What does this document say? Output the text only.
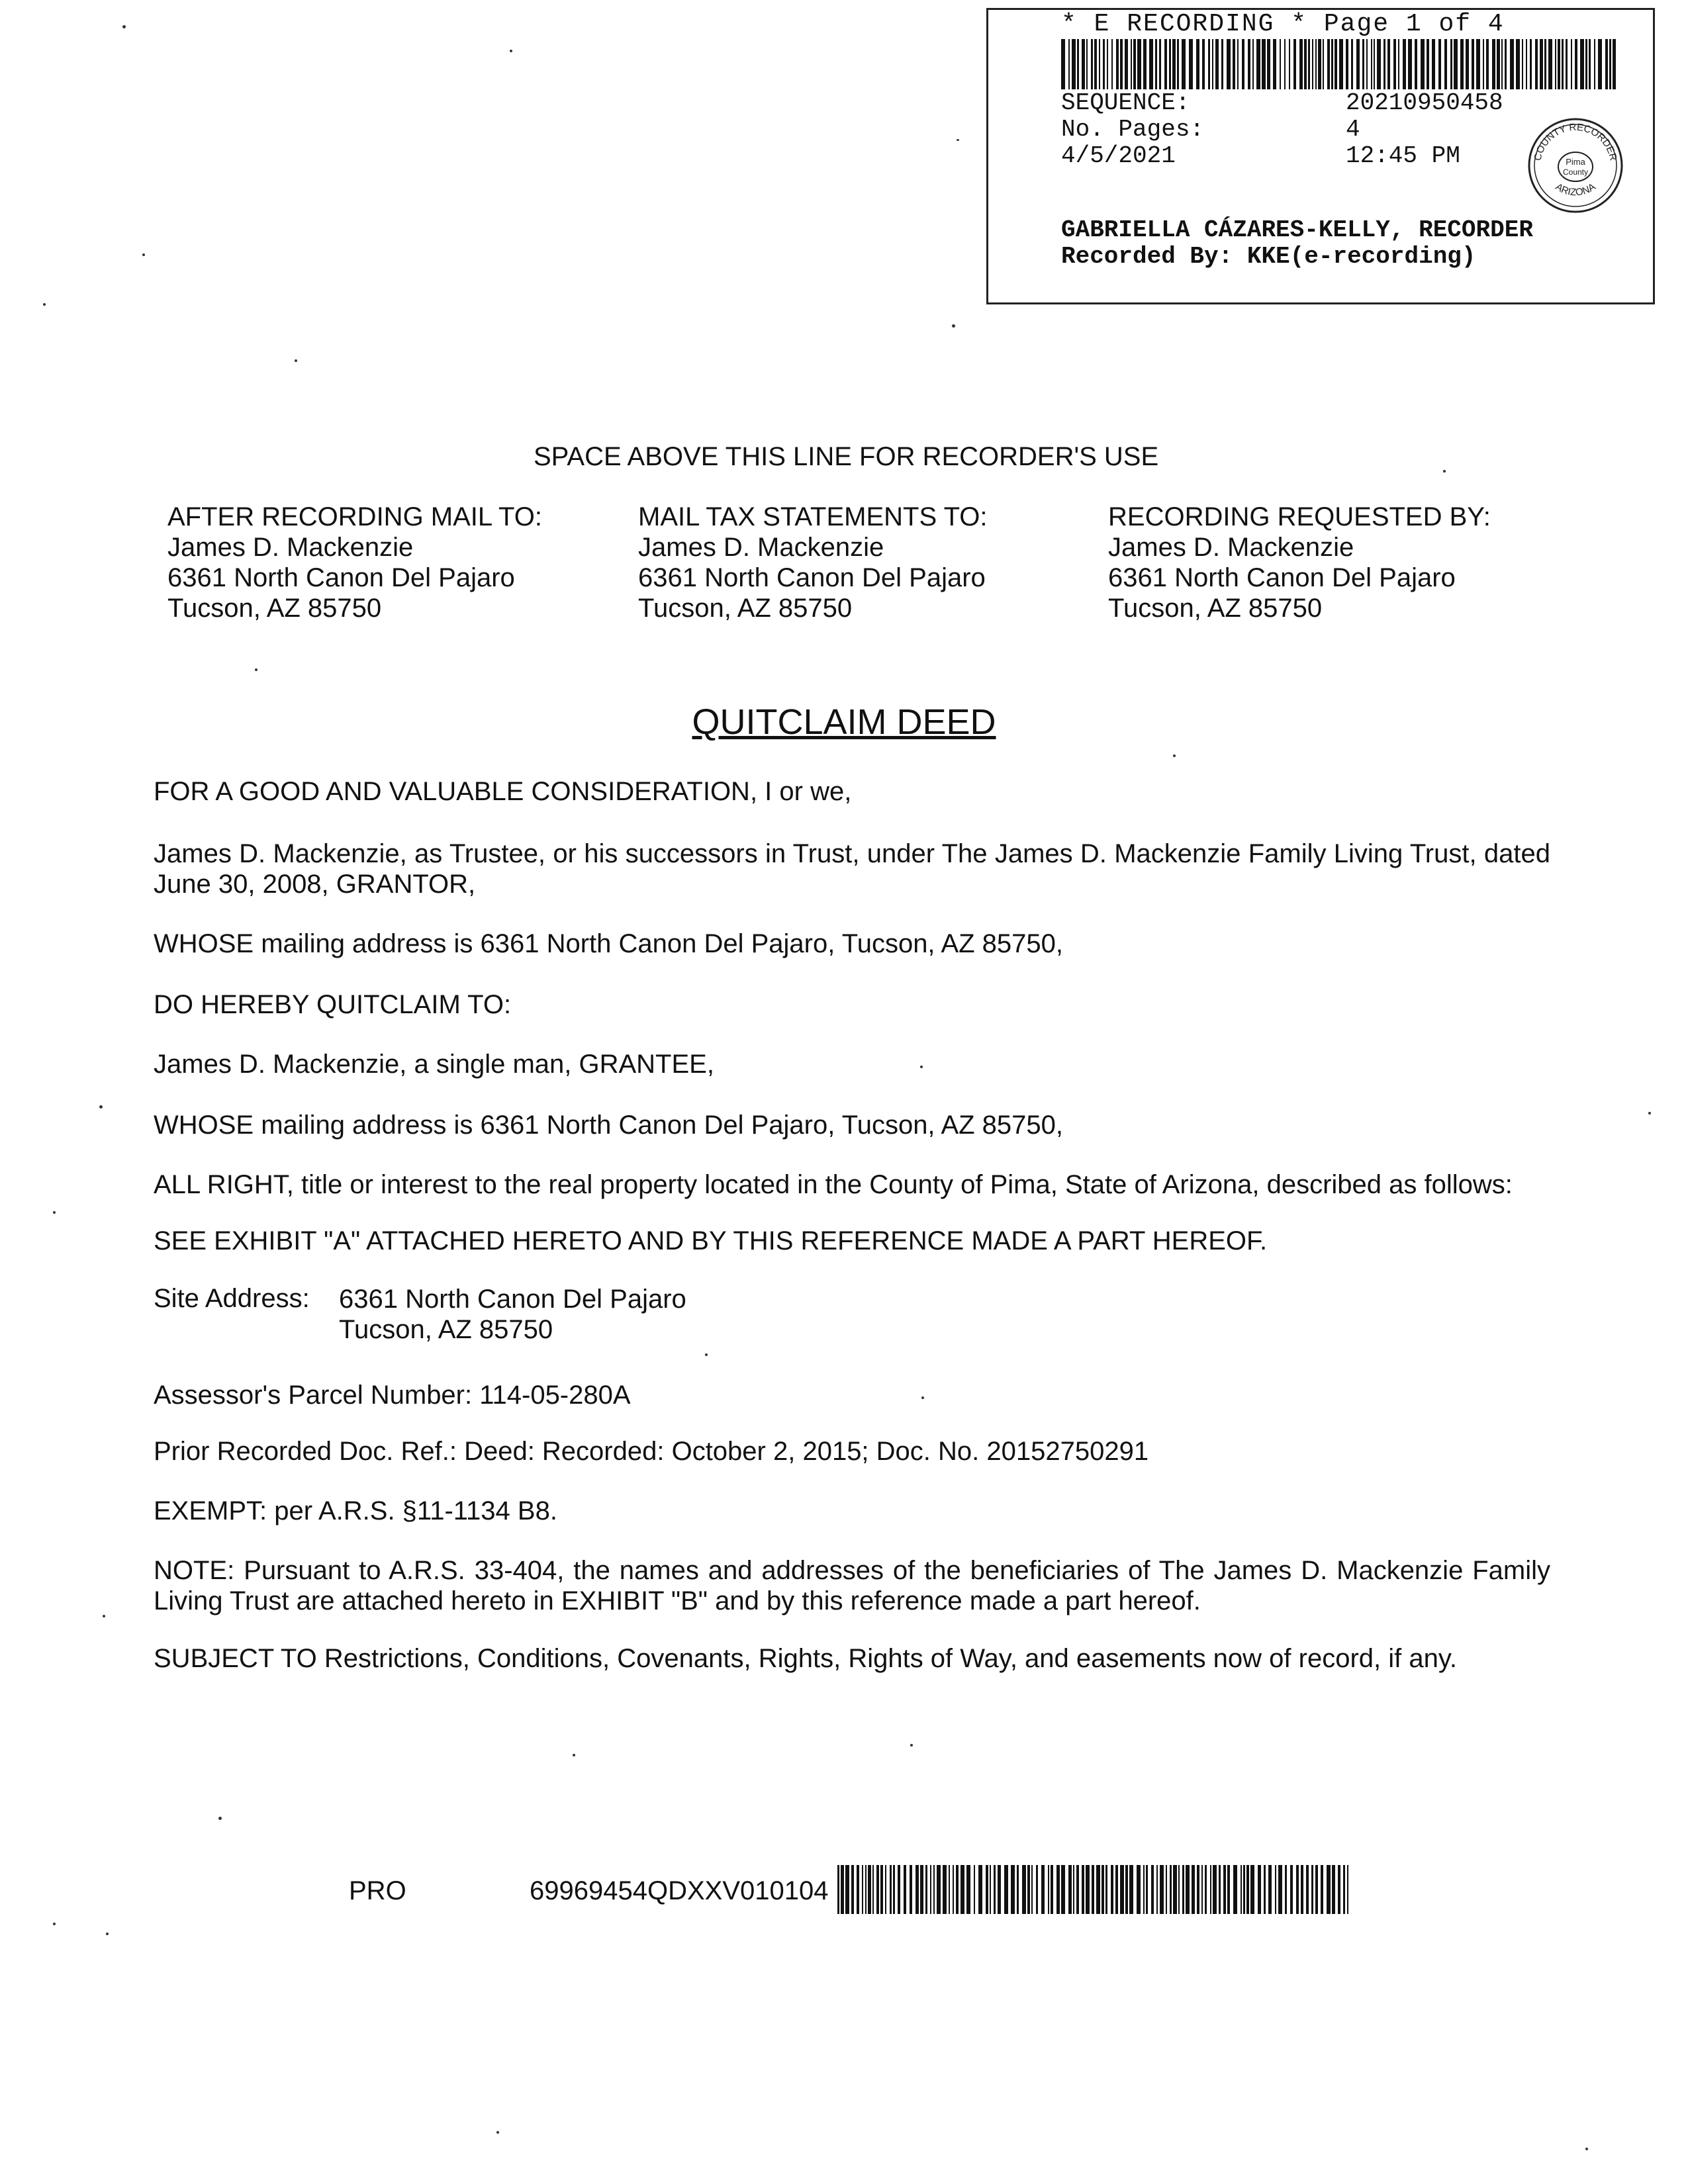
* E RECORDING * Page 1 of 4
SEQUENCE:	20210950458
No. Pages:	4
4/5/2021	12:45 PM	COUNTY RECORDER
ARIZONA
Pima
County
GABRIELLA CÁZARES-KELLY, RECORDER
Recorded By: KKE(e-recording)
SPACE ABOVE THIS LINE FOR RECORDER'S USE
AFTER RECORDING MAIL TO:
James D. Mackenzie
6361 North Canon Del Pajaro
Tucson, AZ 85750
MAIL TAX STATEMENTS TO:
James D. Mackenzie
6361 North Canon Del Pajaro
Tucson, AZ 85750
RECORDING REQUESTED BY:
James D. Mackenzie
6361 North Canon Del Pajaro
Tucson, AZ 85750
QUITCLAIM DEED
FOR A GOOD AND VALUABLE CONSIDERATION, I or we,
James D. Mackenzie, as Trustee, or his successors in Trust, under The James D. Mackenzie Family Living Trust, dated June 30, 2008, GRANTOR,
WHOSE mailing address is 6361 North Canon Del Pajaro, Tucson, AZ 85750,
DO HEREBY QUITCLAIM TO:
James D. Mackenzie, a single man, GRANTEE,
WHOSE mailing address is 6361 North Canon Del Pajaro, Tucson, AZ 85750,
ALL RIGHT, title or interest to the real property located in the County of Pima, State of Arizona, described as follows:
SEE EXHIBIT "A" ATTACHED HERETO AND BY THIS REFERENCE MADE A PART HEREOF.
Site Address: 6361 North Canon Del Pajaro
Tucson, AZ 85750
Assessor's Parcel Number: 114-05-280A
Prior Recorded Doc. Ref.: Deed: Recorded: October 2, 2015; Doc. No. 20152750291
EXEMPT: per A.R.S. §11-1134 B8.
NOTE: Pursuant to A.R.S. 33-404, the names and addresses of the beneficiaries of The James D. Mackenzie Family Living Trust are attached hereto in EXHIBIT "B" and by this reference made a part hereof.
SUBJECT TO Restrictions, Conditions, Covenants, Rights, Rights of Way, and easements now of record, if any.
PRO	69969454QDXXV010104
